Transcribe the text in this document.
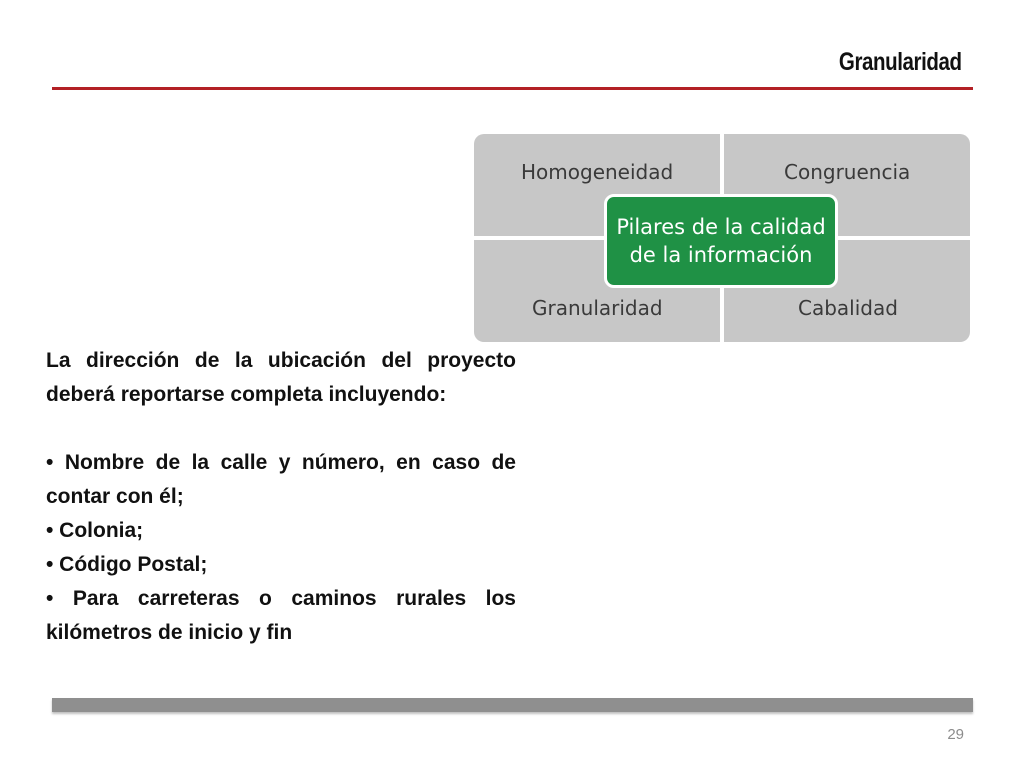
Granularidad
Homogeneidad	Congruencia
Granularidad	Cabalidad
Pilares de la calidad
de la información

La dirección de la ubicación del proyecto deberá reportarse completa incluyendo:

• Nombre de la calle y número, en caso de contar con él;

• Colonia;

• Código Postal;

• Para carreteras o caminos rurales los kilómetros de inicio y fin

29
